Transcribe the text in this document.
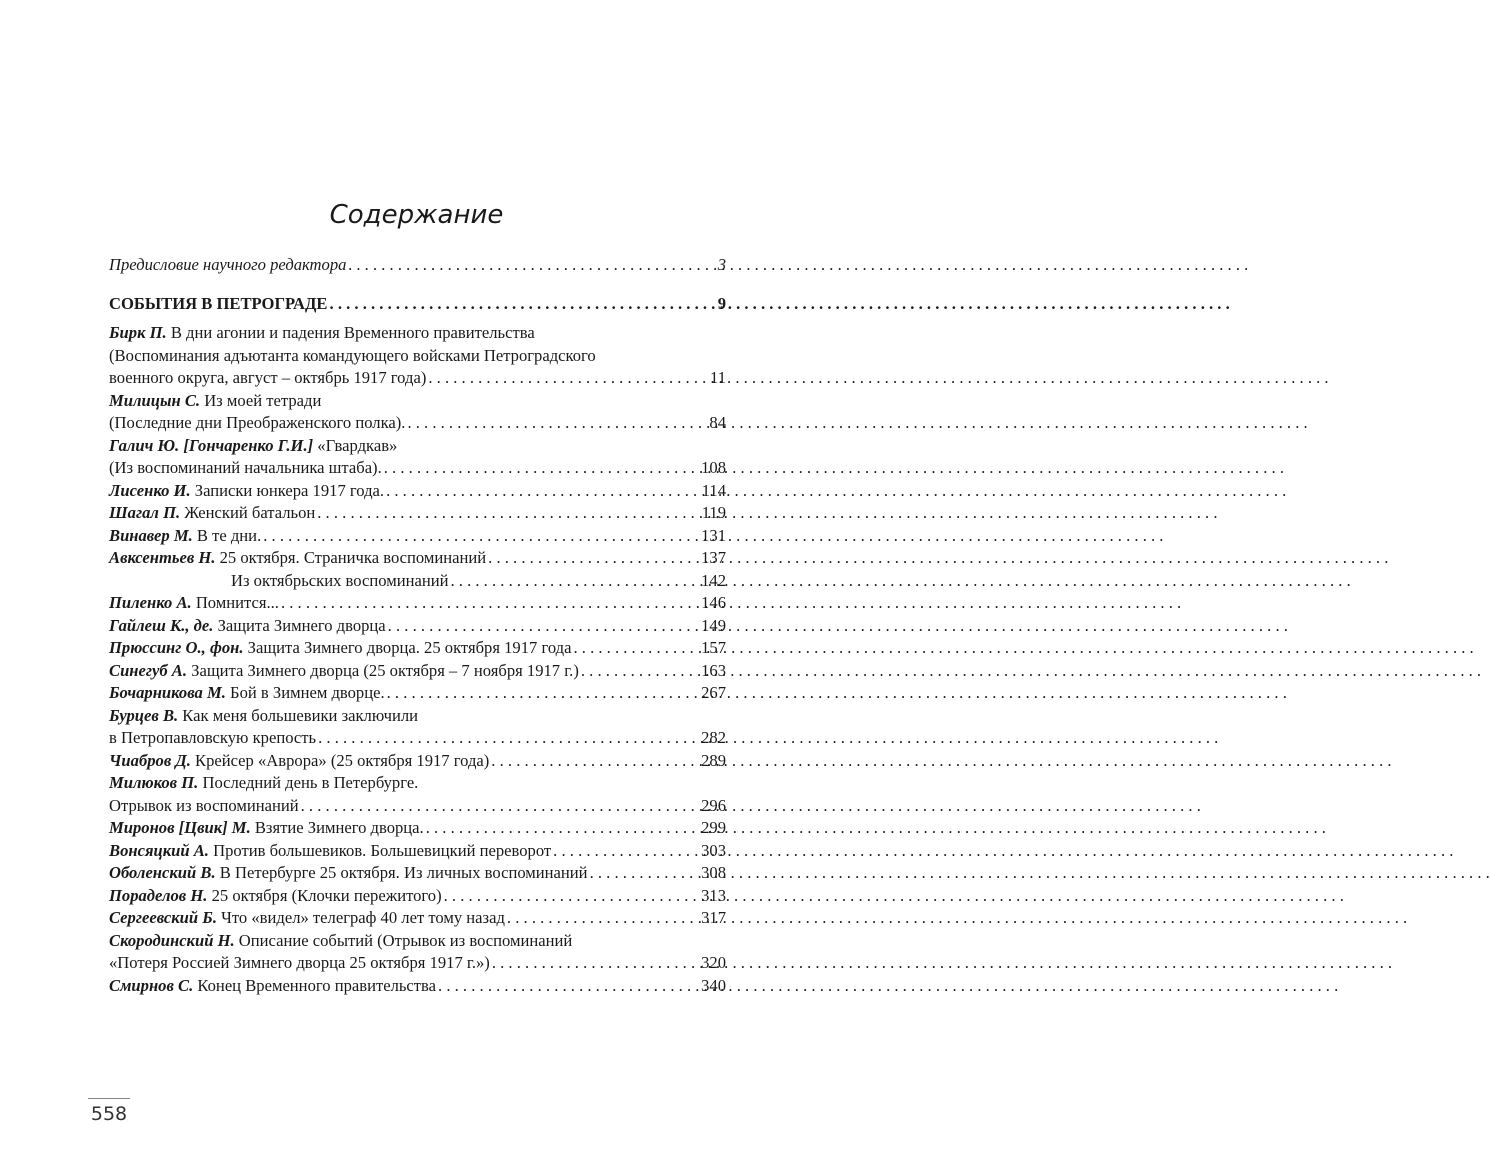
Содержание
Предисловие научного редактора . . .	3
СОБЫТИЯ В ПЕТРОГРАДЕ . . .	9
Бирк П. В дни агонии и падения Временного правительства
(Воспоминания адъютанта командующего войсками Петроградского
военного округа, август – октябрь 1917 года) . . .	11
Милицын С. Из моей тетради
(Последние дни Преображенского полка). . . .	84
Галич Ю. [Гончаренко Г.И.] «Гвардкав»
(Из воспоминаний начальника штаба). . . .	108
Лисенко И. Записки юнкера 1917 года. . . .	114
Шагал П. Женский батальон . . .	119
Винавер М. В те дни. . . .	131
Авксентьев Н. 25 октября. Страничка воспоминаний . . .	137
Из октябрьских воспоминаний . . .	142
Пиленко А. Помнится... . . .	146
Гайлеш К., де. Защита Зимнего дворца . . .	149
Прюссинг О., фон. Защита Зимнего дворца. 25 октября 1917 года . . .	157
Синегуб А. Защита Зимнего дворца (25 октября – 7 ноября 1917 г.) . . .	163
Бочарникова М. Бой в Зимнем дворце. . . .	267
Бурцев В. Как меня большевики заключили
в Петропавловскую крепость . . .	282
Чиабров Д. Крейсер «Аврора» (25 октября 1917 года) . . .	289
Милюков П. Последний день в Петербурге.
Отрывок из воспоминаний . . .	296
Миронов [Цвик] М. Взятие Зимнего дворца. . . .	299
Вонсяцкий А. Против большевиков. Большевицкий переворот . . .	303
Оболенский В. В Петербурге 25 октября. Из личных воспоминаний . . .	308
Пораделов Н. 25 октября (Клочки пережитого) . . .	313
Сергеевский Б. Что «видел» телеграф 40 лет тому назад . . .	317
Скородинский Н. Описание событий (Отрывок из воспоминаний
«Потеря Россией Зимнего дворца 25 октября 1917 г.») . . .	320
Смирнов С. Конец Временного правительства . . .	340
558
